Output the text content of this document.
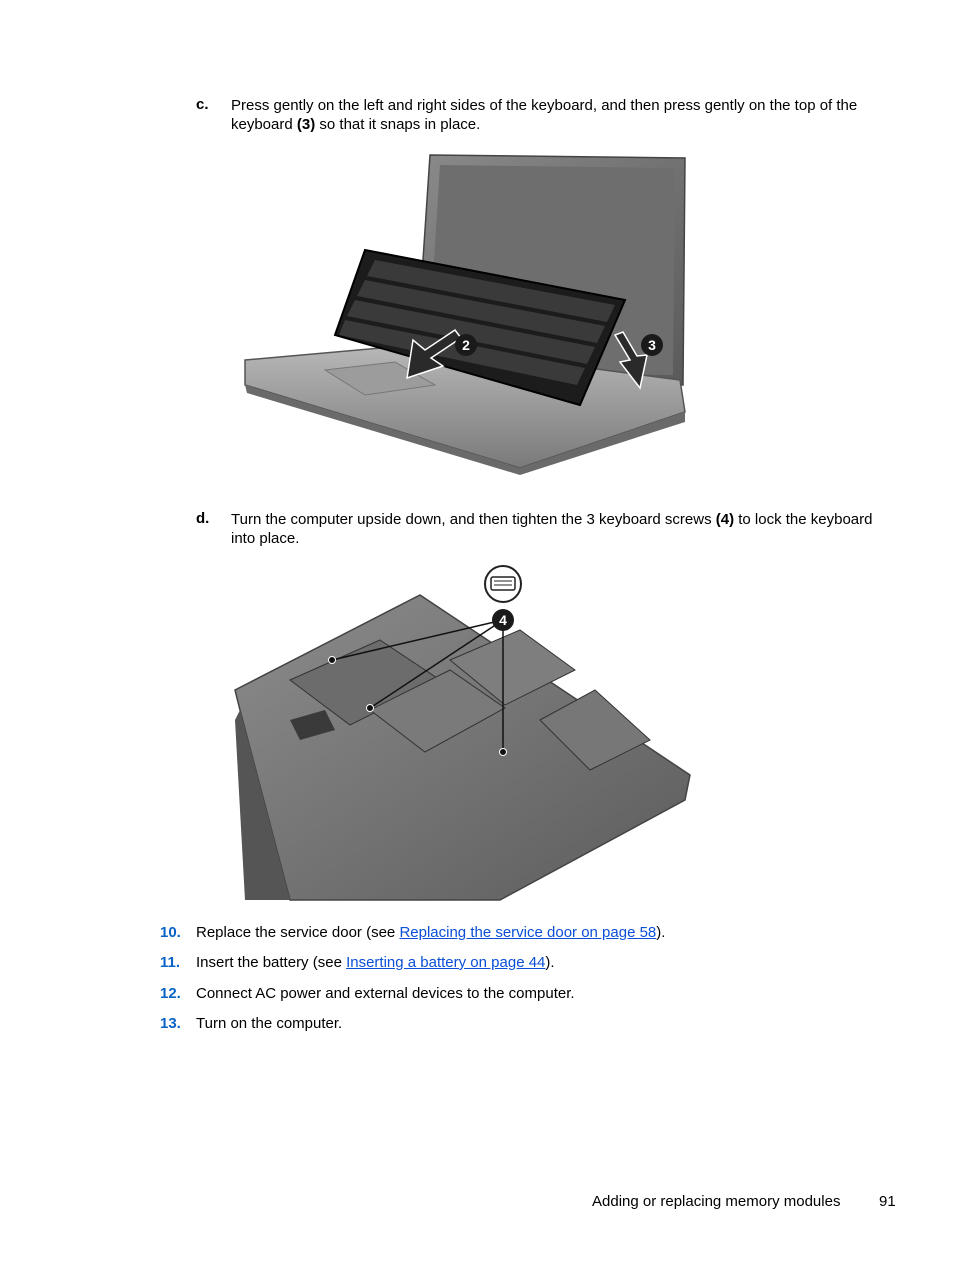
c. Press gently on the left and right sides of the keyboard, and then press gently on the top of the keyboard (3) so that it snaps in place.
2	3
d. Turn the computer upside down, and then tighten the 3 keyboard screws (4) to lock the keyboard into place.
4
10. Replace the service door (see Replacing the service door on page 58).
11. Insert the battery (see Inserting a battery on page 44).
12. Connect AC power and external devices to the computer.
13. Turn on the computer.
Adding or replacing memory modules	91
